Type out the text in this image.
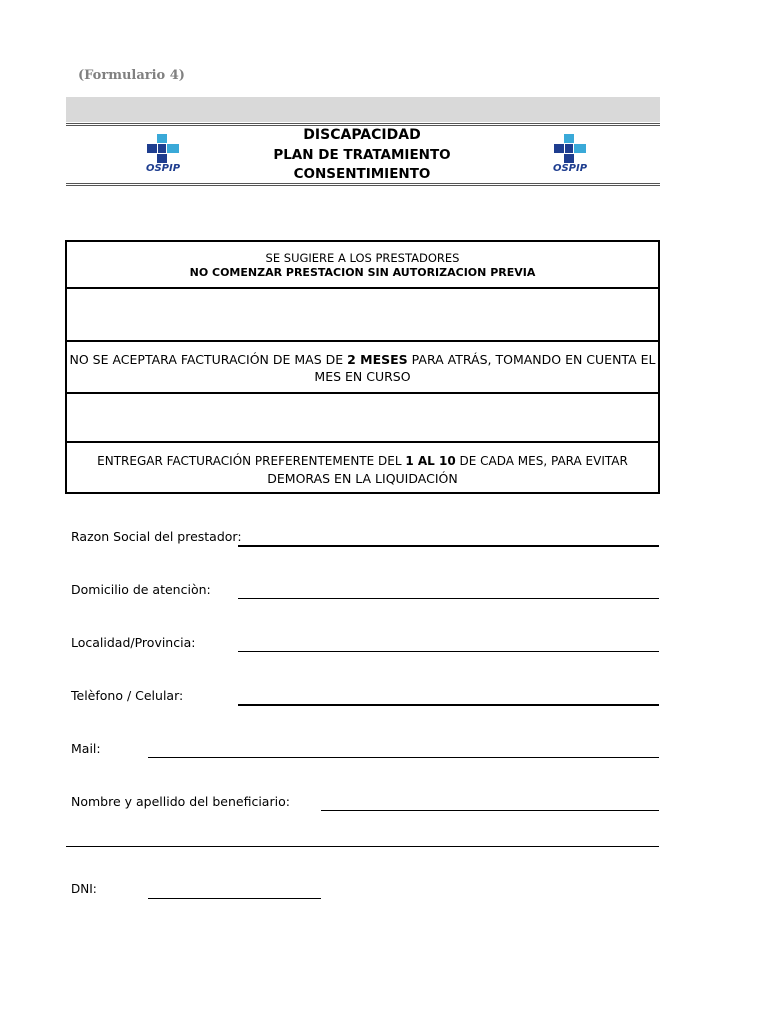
(Formulario 4)
OSPIP
DISCAPACIDAD
PLAN DE TRATAMIENTO
CONSENTIMIENTO	OSPIP
SE SUGIERE A LOS PRESTADORES
NO COMENZAR PRESTACION SIN AUTORIZACION PREVIA
NO SE ACEPTARA FACTURACIÓN DE MAS DE 2 MESES PARA ATRÁS, TOMANDO EN CUENTA EL
MES EN CURSO
ENTREGAR FACTURACIÓN PREFERENTEMENTE DEL 1 AL 10 DE CADA MES, PARA EVITAR
DEMORAS EN LA LIQUIDACIÓN
Razon Social del prestador:
Domicilio de atenciòn:
Localidad/Provincia:
Telèfono / Celular:
Mail:
Nombre y apellido del beneficiario:
DNI:
